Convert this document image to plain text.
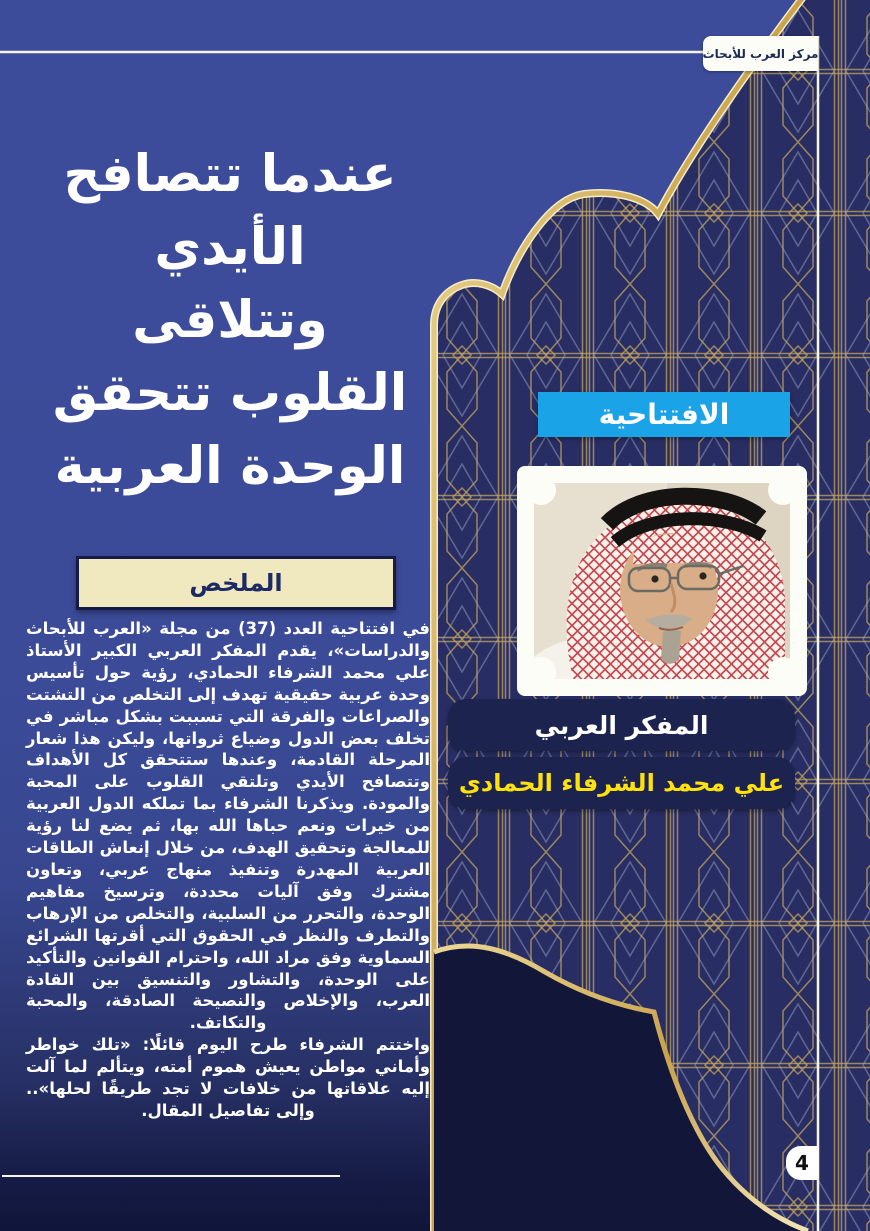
مركز العرب للأبحاث
عندما تتصافح
الأيدي
وتتلاقى
القلوب تتحقق
الوحدة العربية
الملخص

في افتتاحية العدد (37) من مجلة «العرب للأبحاث والدراسات»، يقدم المفكر العربي الكبير الأستاذ علي محمد الشرفاء الحمادي، رؤية حول تأسيس وحدة عربية حقيقية تهدف إلى التخلص من التشتت والصراعات والفرقة التي تسببت بشكل مباشر في تخلف بعض الدول وضياع ثرواتها، وليكن هذا شعار المرحلة القادمة، وعندها ستتحقق كل الأهداف وتتصافح الأيدي وتلتقي القلوب على المحبة والمودة. ويذكرنا الشرفاء بما تملكه الدول العربية من خيرات ونعم حباها الله بها، ثم يضع لنا رؤية للمعالجة وتحقيق الهدف، من خلال إنعاش الطاقات العربية المهدرة وتنفيذ منهاج عربي، وتعاون مشترك وفق آليات محددة، وترسيخ مفاهيم الوحدة، والتحرر من السلبية، والتخلص من الإرهاب والتطرف والنظر في الحقوق التي أقرتها الشرائع السماوية وفق مراد الله، واحترام القوانين والتأكيد على الوحدة، والتشاور والتنسيق بين القادة العرب، والإخلاص والنصيحة الصادقة، والمحبة والتكاتف.

واختتم الشرفاء طرح اليوم قائلًا: «تلك خواطر وأماني مواطن يعيش هموم أمته، ويتألم لما آلت إليه علاقاتها من خلافات لا تجد طريقًا لحلها».. وإلى تفاصيل المقال.

الافتتاحية
المفكر العربي
علي محمد الشرفاء الحمادي
4
